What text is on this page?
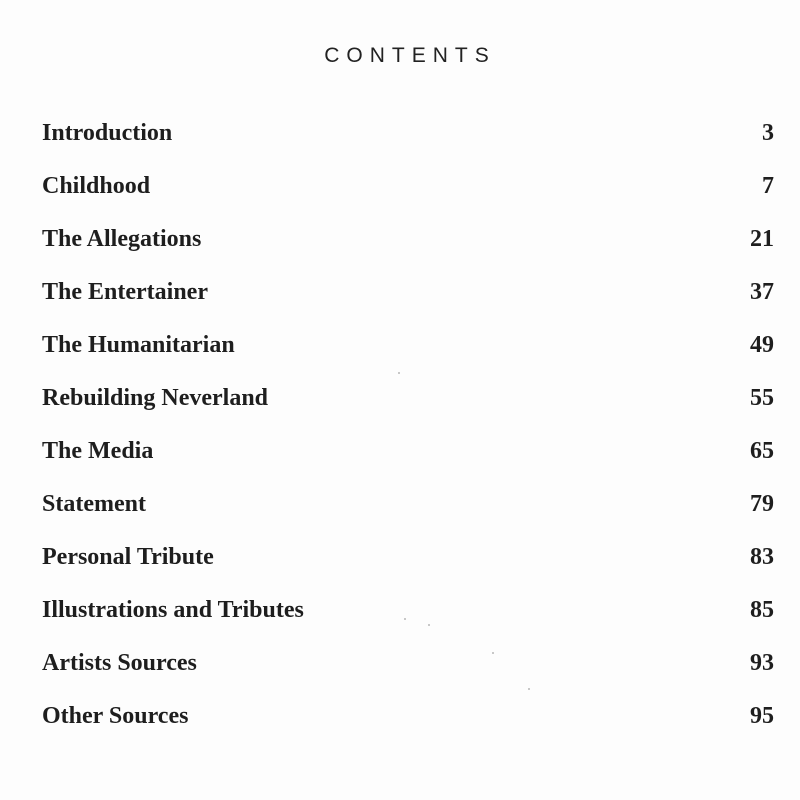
CONTENTS
Introduction	3
Childhood	7
The Allegations	21
The Entertainer	37
The Humanitarian	49
Rebuilding Neverland	55
The Media	65
Statement	79
Personal Tribute	83
Illustrations and Tributes	85
Artists Sources	93
Other Sources	95
